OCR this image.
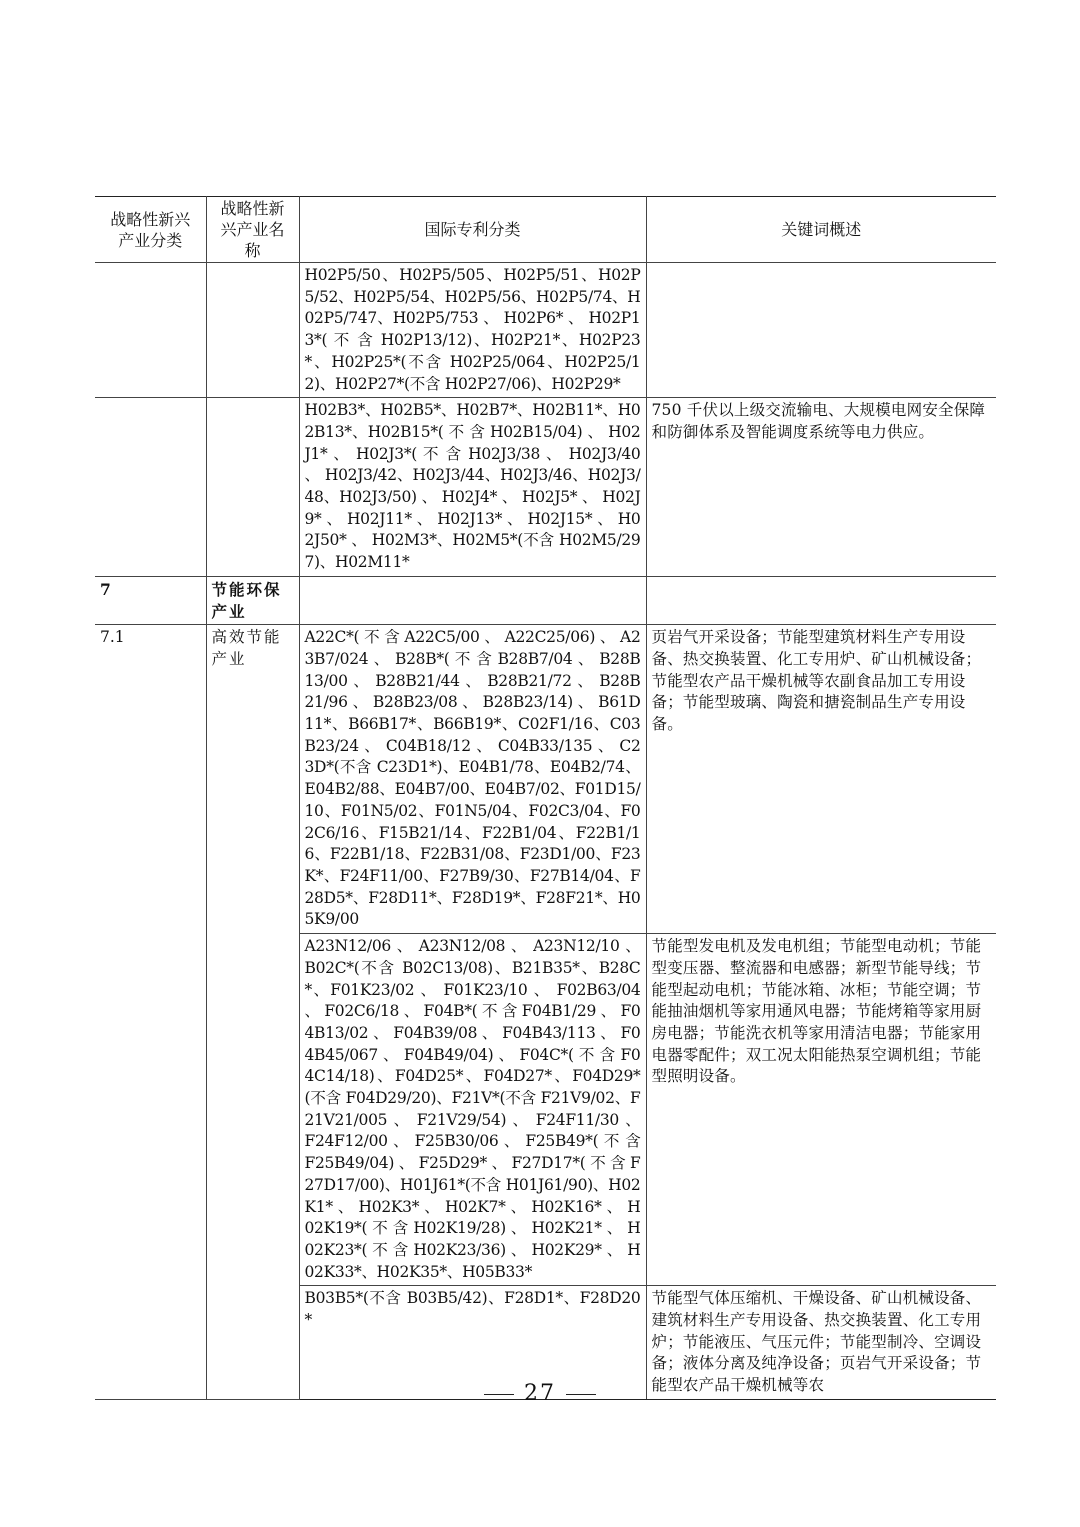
战略性新兴产业分类	战略性新兴产业名称	国际专利分类	关键词概述
		H02P5/50、H02P5/505、H02P5/51、H02P5/52、H02P5/54、H02P5/56、H02P5/74、H02P5/747、H02P5/753 、 H02P6* 、 H02P13*( 不 含 H02P13/12)、H02P21*、H02P23*、H02P25*(不含 H02P25/064、H02P25/12)、H02P27*(不含 H02P27/06)、H02P29*	
		H02B3*、H02B5*、H02B7*、H02B11*、H02B13*、H02B15*( 不 含 H02B15/04) 、 H02J1* 、 H02J3*( 不 含 H02J3/38 、 H02J3/40 、 H02J3/42、H02J3/44、H02J3/46、H02J3/48、H02J3/50) 、 H02J4* 、 H02J5* 、 H02J9* 、 H02J11* 、 H02J13* 、 H02J15* 、 H02J50* 、 H02M3*、H02M5*(不含 H02M5/297)、H02M11*	750 千伏以上级交流输电、大规模电网安全保障和防御体系及智能调度系统等电力供应。
7	节能环保产业		
7.1	高效节能产业	A22C*( 不 含 A22C5/00 、 A22C25/06) 、 A23B7/024 、 B28B*( 不 含 B28B7/04 、 B28B13/00 、 B28B21/44 、 B28B21/72 、 B28B21/96 、 B28B23/08 、 B28B23/14) 、 B61D11*、B66B17*、B66B19*、C02F1/16、C03B23/24 、 C04B18/12 、 C04B33/135 、 C23D*(不含 C23D1*)、E04B1/78、E04B2/74、E04B2/88、E04B7/00、E04B7/02、F01D15/10、F01N5/02、F01N5/04、F02C3/04、F02C6/16、F15B21/14、F22B1/04、F22B1/16、F22B1/18、F22B31/08、F23D1/00、F23K*、F24F11/00、F27B9/30、F27B14/04、F28D5*、F28D11*、F28D19*、F28F21*、H05K9/00	页岩气开采设备；节能型建筑材料生产专用设备、热交换装置、化工专用炉、矿山机械设备；节能型农产品干燥机械等农副食品加工专用设备；节能型玻璃、陶瓷和搪瓷制品生产专用设备。
		A23N12/06 、 A23N12/08 、 A23N12/10 、 B02C*(不含 B02C13/08)、B21B35*、B28C*、F01K23/02 、 F01K23/10 、 F02B63/04 、 F02C6/18 、 F04B*( 不 含 F04B1/29 、 F04B13/02 、 F04B39/08 、 F04B43/113 、 F04B45/067 、 F04B49/04) 、 F04C*( 不 含 F04C14/18)、F04D25*、F04D27*、F04D29*(不含 F04D29/20)、F21V*(不含 F21V9/02、F21V21/005 、 F21V29/54) 、 F24F11/30 、 F24F12/00 、 F25B30/06 、 F25B49*( 不 含 F25B49/04) 、 F25D29* 、 F27D17*( 不 含 F27D17/00)、H01J61*(不含 H01J61/90)、H02K1* 、 H02K3* 、 H02K7* 、 H02K16* 、 H02K19*( 不 含 H02K19/28) 、 H02K21* 、 H02K23*( 不 含 H02K23/36) 、 H02K29* 、 H02K33*、H02K35*、H05B33*	节能型发电机及发电机组；节能型电动机；节能型变压器、整流器和电感器；新型节能导线；节能型起动电机；节能冰箱、冰柜；节能空调；节能抽油烟机等家用通风电器；节能烤箱等家用厨房电器；节能洗衣机等家用清洁电器；节能家用电器零配件；双工况太阳能热泵空调机组；节能型照明设备。
		B03B5*(不含 B03B5/42)、F28D1*、F28D20*	节能型气体压缩机、干燥设备、矿山机械设备、建筑材料生产专用设备、热交换装置、化工专用炉；节能液压、气压元件；节能型制冷、空调设备；液体分离及纯净设备；页岩气开采设备；节能型农产品干燥机械等农
27
